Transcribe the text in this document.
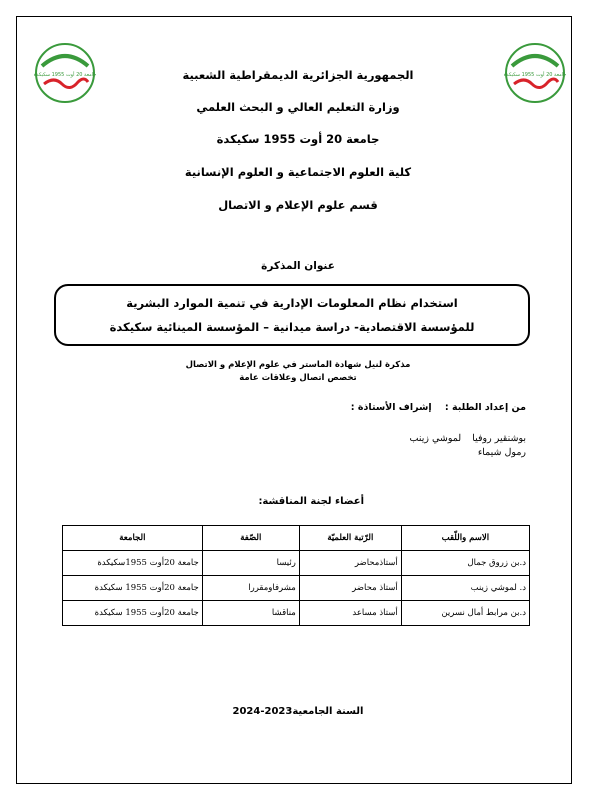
جامعة 20 أوت 1955 سكيكدة	جامعة 20 أوت 1955 سكيكدة
الجمهورية الجزائرية الديمقراطية الشعبية
وزارة التعليم العالي و البحث العلمي
جامعة 20 أوت 1955 سكيكدة
كلية العلوم الاجتماعية و العلوم الإنسانية
قسم علوم الإعلام و الاتصال
عنوان المذكرة
استخدام نظام المعلومات الإدارية في تنمية الموارد البشرية
للمؤسسة الاقتصادية- دراسة ميدانية – المؤسسة المينائية سكيكدة
مذكرة لنيل شهادة الماستر في علوم الإعلام و الاتصال
تخصص اتصال وعلاقات عامة
من إعداد الطلبة :    إشراف الأستاذة :
بوشنقير روفيا لموشي زينب
رمول شيماء
أعضاء لجنة المناقشة:
الاسم واللّقب	الرّتبة العلميّة	الصّفة	الجامعة
د.بن زروق جمال	أستاذمحاضر	رئيسا	جامعة 20أوت 1955سكيكدة
د. لموشي زينب	أستاذ محاضر	مشرفاومقررا	جامعة 20أوت 1955 سكيكدة
د.بن مرابط أمال نسرين	أستاذ مساعد	مناقشا	جامعة 20أوت 1955 سكيكدة
السنة الجامعية2023-2024
